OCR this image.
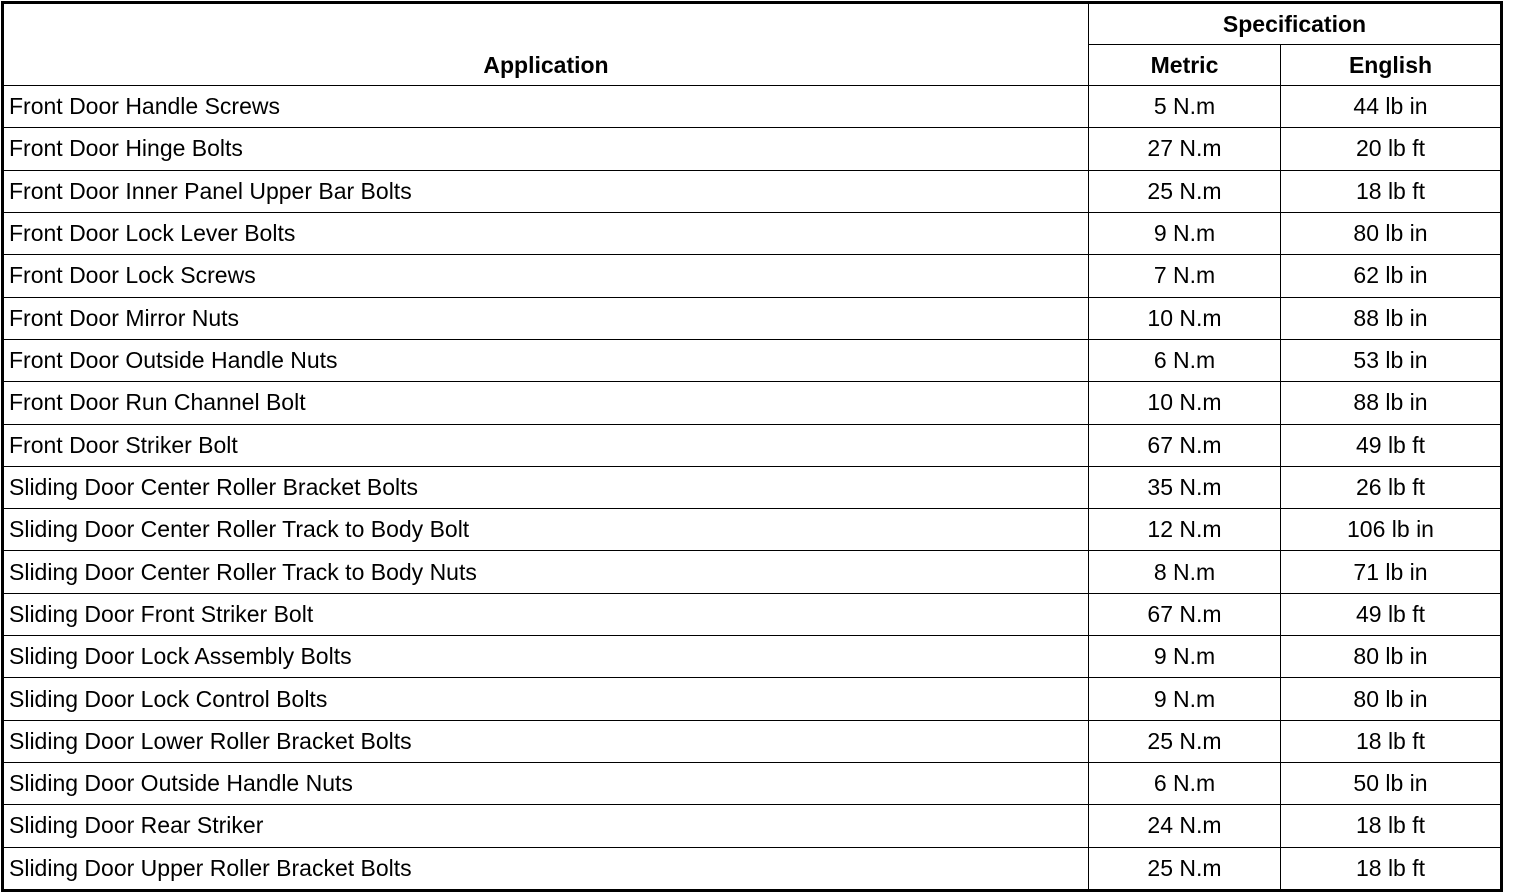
Application	Specification	
	Metric	English
Front Door Handle Screws	5 N.m	44 lb in
Front Door Hinge Bolts	27 N.m	20 lb ft
Front Door Inner Panel Upper Bar Bolts	25 N.m	18 lb ft
Front Door Lock Lever Bolts	9 N.m	80 lb in
Front Door Lock Screws	7 N.m	62 lb in
Front Door Mirror Nuts	10 N.m	88 lb in
Front Door Outside Handle Nuts	6 N.m	53 lb in
Front Door Run Channel Bolt	10 N.m	88 lb in
Front Door Striker Bolt	67 N.m	49 lb ft
Sliding Door Center Roller Bracket Bolts	35 N.m	26 lb ft
Sliding Door Center Roller Track to Body Bolt	12 N.m	106 lb in
Sliding Door Center Roller Track to Body Nuts	8 N.m	71 lb in
Sliding Door Front Striker Bolt	67 N.m	49 lb ft
Sliding Door Lock Assembly Bolts	9 N.m	80 lb in
Sliding Door Lock Control Bolts	9 N.m	80 lb in
Sliding Door Lower Roller Bracket Bolts	25 N.m	18 lb ft
Sliding Door Outside Handle Nuts	6 N.m	50 lb in
Sliding Door Rear Striker	24 N.m	18 lb ft
Sliding Door Upper Roller Bracket Bolts	25 N.m	18 lb ft
